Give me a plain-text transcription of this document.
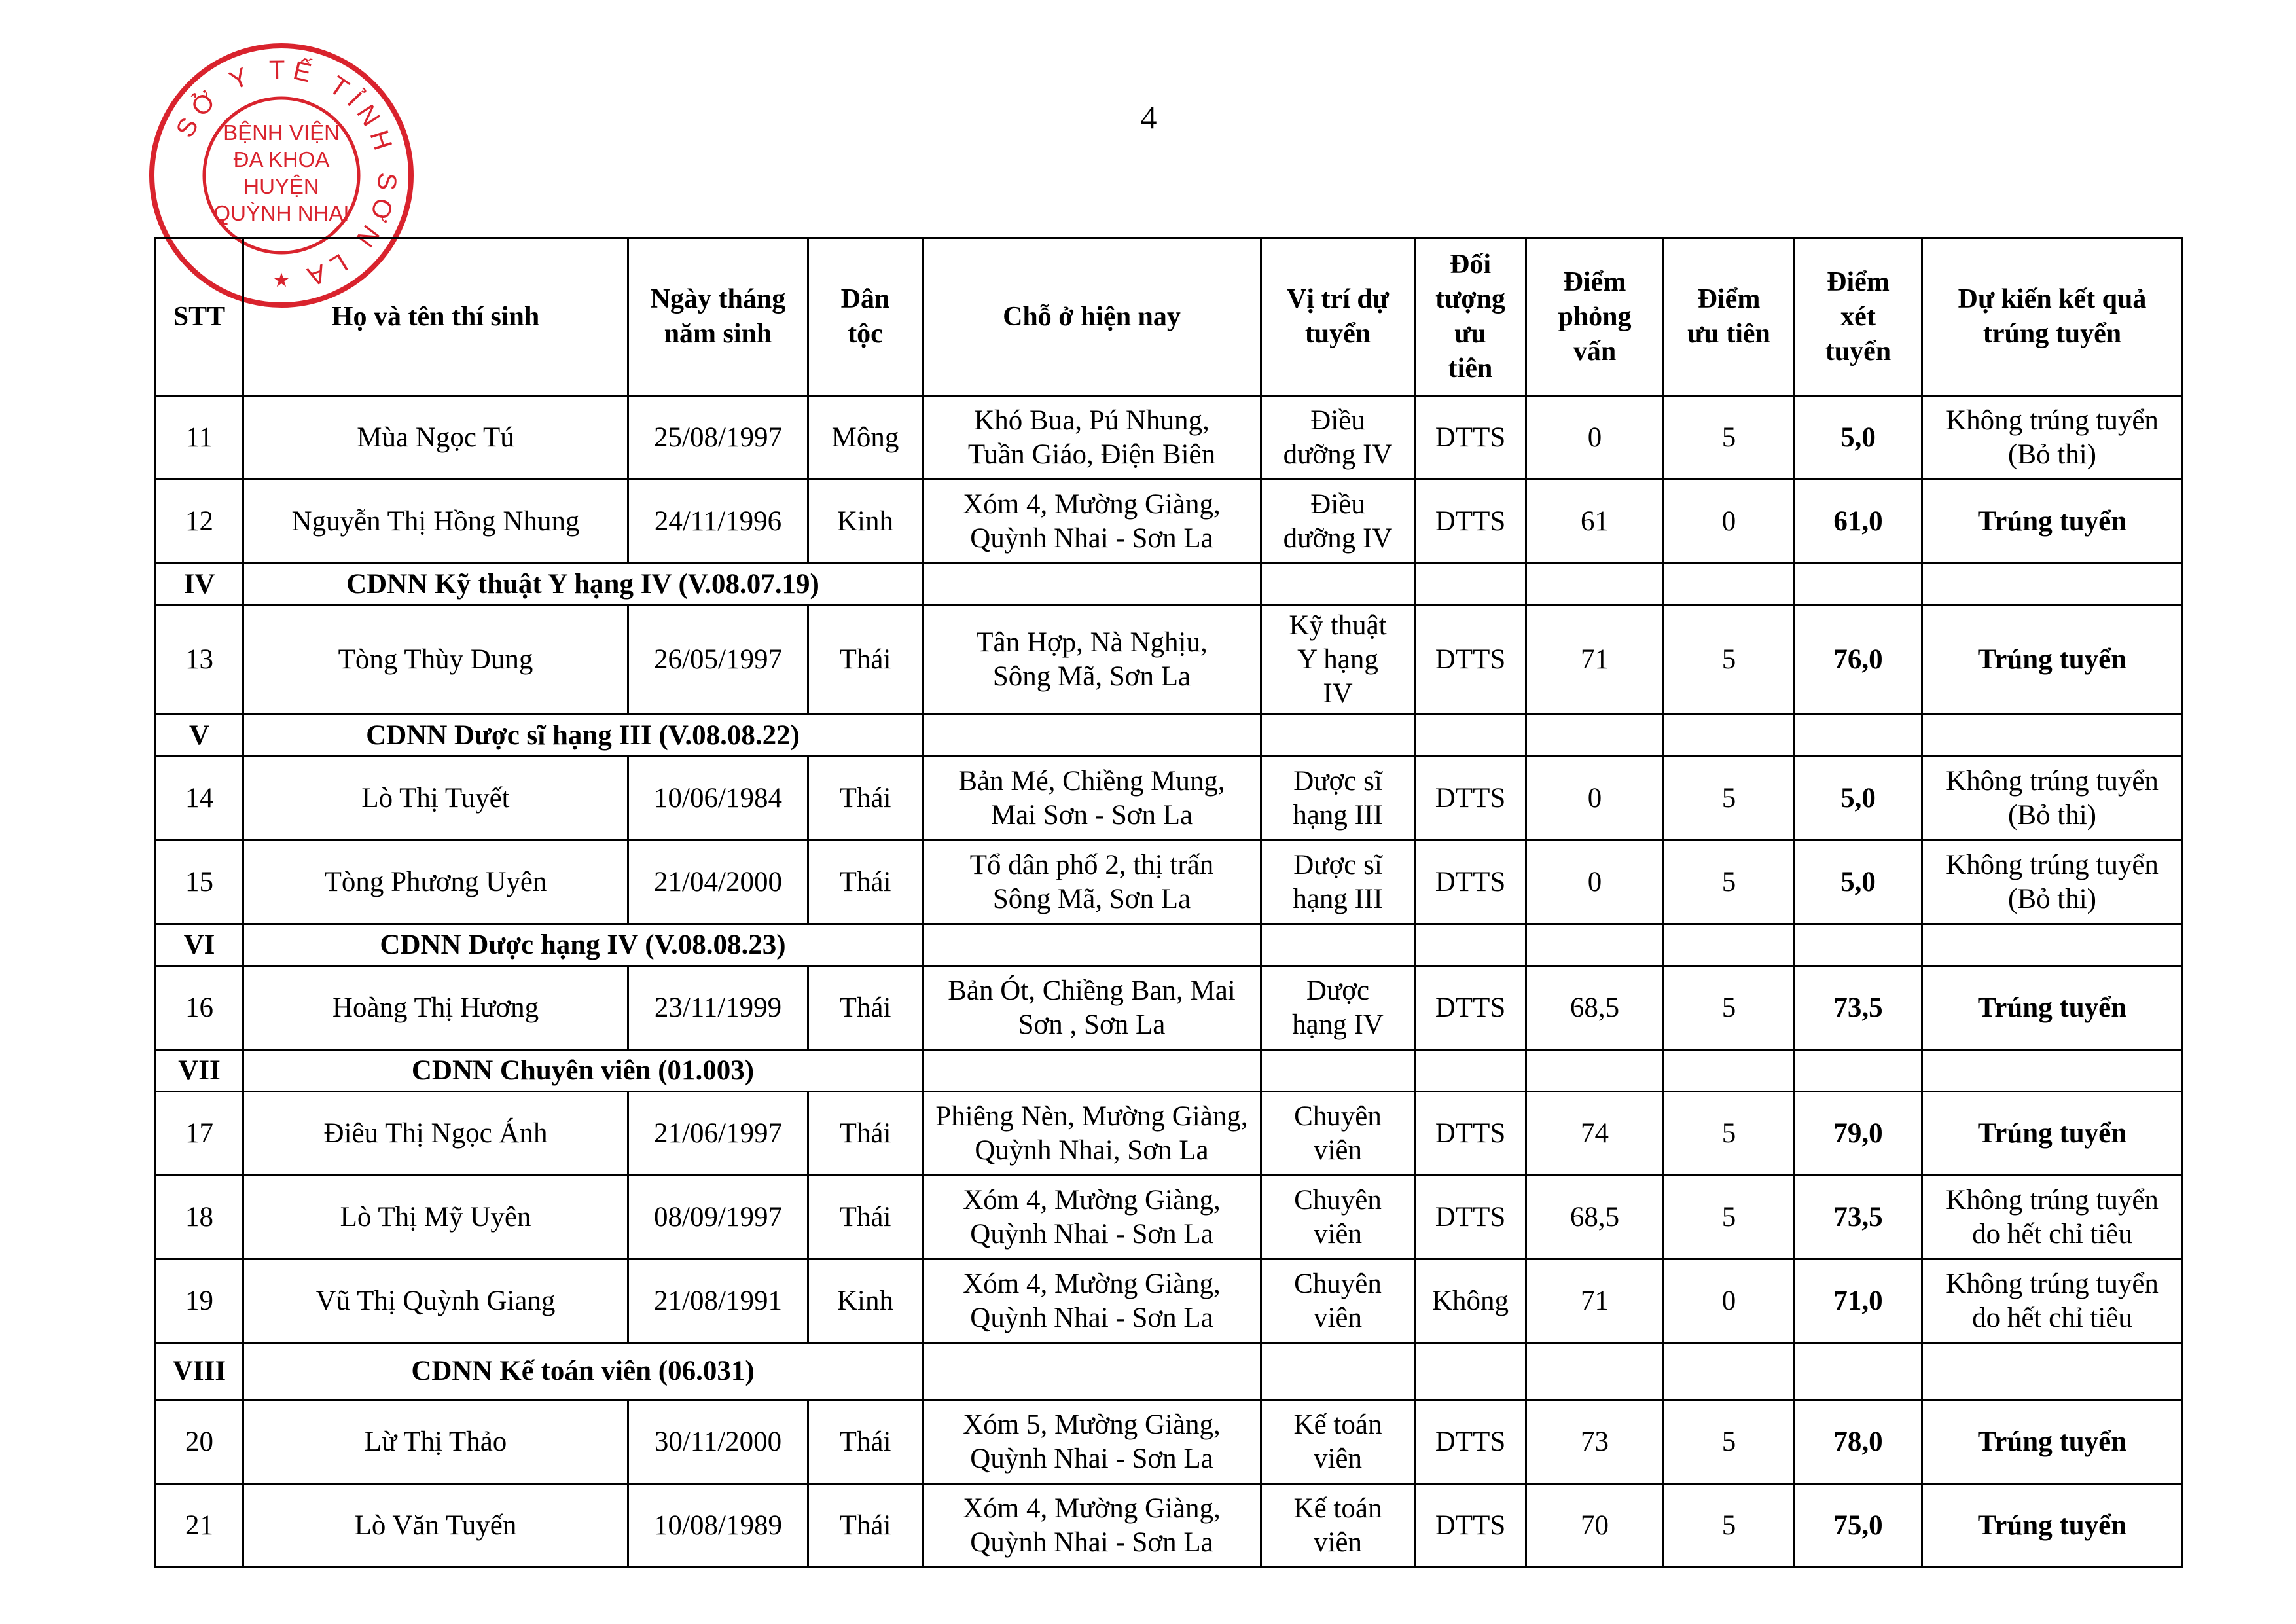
4
SỞ Y TẾ TỈNH SƠN LA
BỆNH VIỆN
ĐA KHOA
HUYỆN
QUỲNH NHAI
★
STT	Họ và tên thí sinh	Ngày tháng
năm sinh	Dân
tộc	Chỗ ở hiện nay	Vị trí dự
tuyển	Đối
tượng
ưu
tiên	Điểm
phỏng
vấn	Điểm
ưu tiên	Điểm
xét
tuyển	Dự kiến kết quả
trúng tuyển
11	Mùa Ngọc Tú	25/08/1997	Mông	Khó Bua, Pú Nhung,
Tuần Giáo, Điện Biên	Điều
dưỡng IV	DTTS	0	5	5,0	Không trúng tuyển
(Bỏ thi)
12	Nguyễn Thị Hồng Nhung	24/11/1996	Kinh	Xóm 4, Mường Giàng,
Quỳnh Nhai - Sơn La	Điều
dưỡng IV	DTTS	61	0	61,0	Trúng tuyển
IV	CDNN Kỹ thuật Y hạng IV (V.08.07.19)									
13	Tòng Thùy Dung	26/05/1997	Thái	Tân Hợp, Nà Nghịu,
Sông Mã, Sơn La	Kỹ thuật
Y hạng
IV	DTTS	71	5	76,0	Trúng tuyển
V	CDNN Dược sĩ hạng III (V.08.08.22)									
14	Lò Thị Tuyết	10/06/1984	Thái	Bản Mé, Chiềng Mung,
Mai Sơn - Sơn La	Dược sĩ
hạng III	DTTS	0	5	5,0	Không trúng tuyển
(Bỏ thi)
15	Tòng Phương Uyên	21/04/2000	Thái	Tổ dân phố 2, thị trấn
Sông Mã, Sơn La	Dược sĩ
hạng III	DTTS	0	5	5,0	Không trúng tuyển
(Bỏ thi)
VI	CDNN Dược hạng IV (V.08.08.23)									
16	Hoàng Thị Hương	23/11/1999	Thái	Bản Ót, Chiềng Ban, Mai
Sơn , Sơn La	Dược
hạng IV	DTTS	68,5	5	73,5	Trúng tuyển
VII	CDNN Chuyên viên (01.003)									
17	Điêu Thị Ngọc Ánh	21/06/1997	Thái	Phiêng Nèn, Mường Giàng,
Quỳnh Nhai, Sơn La	Chuyên
viên	DTTS	74	5	79,0	Trúng tuyển
18	Lò Thị Mỹ Uyên	08/09/1997	Thái	Xóm 4, Mường Giàng,
Quỳnh Nhai - Sơn La	Chuyên
viên	DTTS	68,5	5	73,5	Không trúng tuyển
do hết chỉ tiêu
19	Vũ Thị Quỳnh Giang	21/08/1991	Kinh	Xóm 4, Mường Giàng,
Quỳnh Nhai - Sơn La	Chuyên
viên	Không	71	0	71,0	Không trúng tuyển
do hết chỉ tiêu
VIII	CDNN Kế toán viên (06.031)									
20	Lừ Thị Thảo	30/11/2000	Thái	Xóm 5, Mường Giàng,
Quỳnh Nhai - Sơn La	Kế toán
viên	DTTS	73	5	78,0	Trúng tuyển
21	Lò Văn Tuyến	10/08/1989	Thái	Xóm 4, Mường Giàng,
Quỳnh Nhai - Sơn La	Kế toán
viên	DTTS	70	5	75,0	Trúng tuyển
